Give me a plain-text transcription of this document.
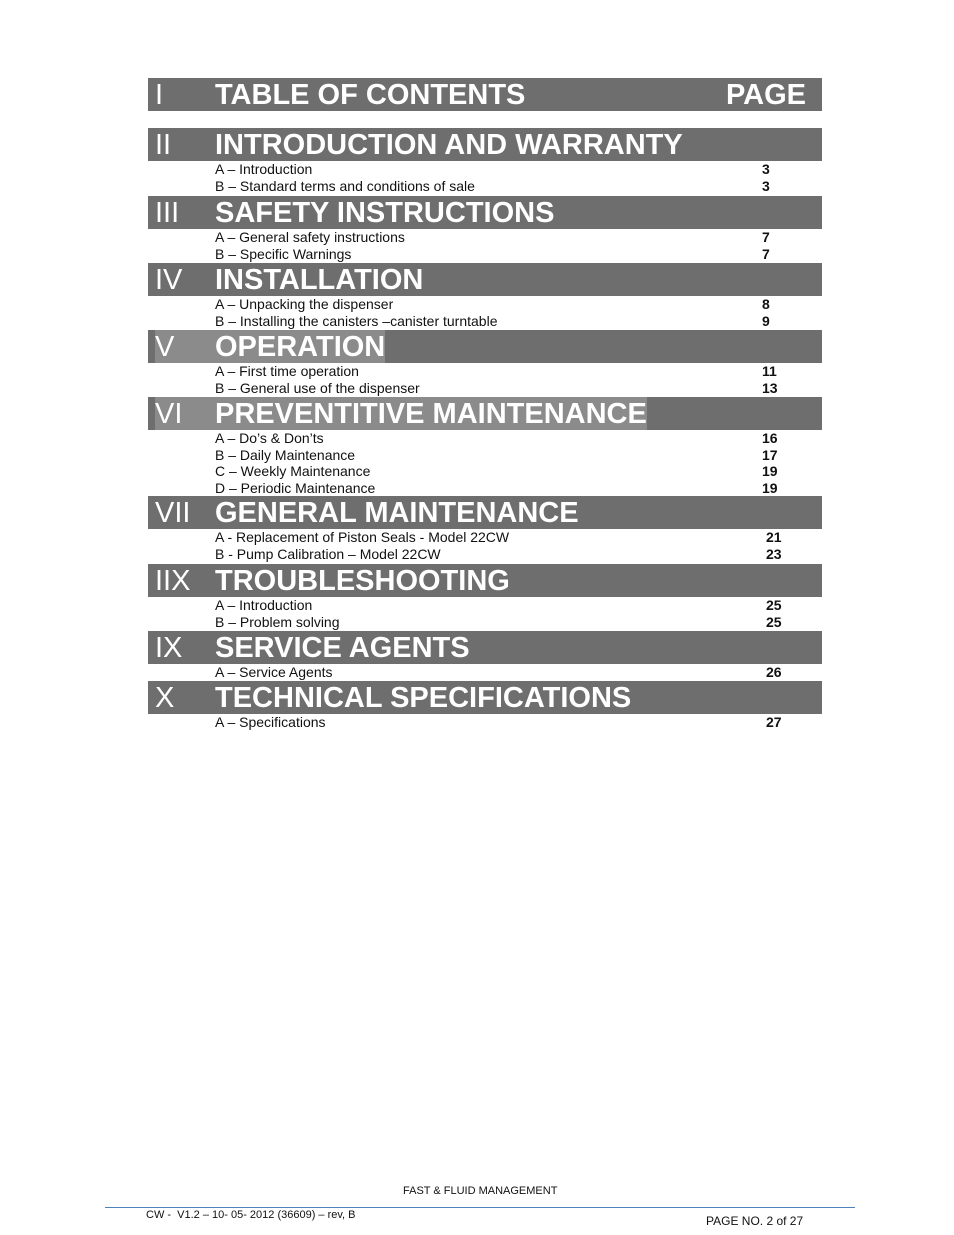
I TABLE OF CONTENTS	PAGE
II INTRODUCTION AND WARRANTY
A – Introduction	3
B – Standard terms and conditions of sale	3
III SAFETY INSTRUCTIONS
A – General safety instructions	7
B – Specific Warnings	7
IV INSTALLATION
A – Unpacking the dispenser	8
B – Installing the canisters –canister turntable	9
V OPERATION
A – First time operation	11
B – General use of the dispenser	13
VI PREVENTITIVE MAINTENANCE
A – Do’s & Don’ts	16
B – Daily Maintenance	17
C – Weekly Maintenance	19
D – Periodic Maintenance	19
VII GENERAL MAINTENANCE
A - Replacement of Piston Seals - Model 22CW	21
B - Pump Calibration – Model 22CW	23
IIX TROUBLESHOOTING
A – Introduction	25
B – Problem solving	25
IX SERVICE AGENTS
A – Service Agents	26
X TECHNICAL SPECIFICATIONS
A – Specifications	27
FAST & FLUID MANAGEMENT
CW -  V1.2 – 10- 05- 2012 (36609) – rev, B	PAGE NO. 2 of 27
